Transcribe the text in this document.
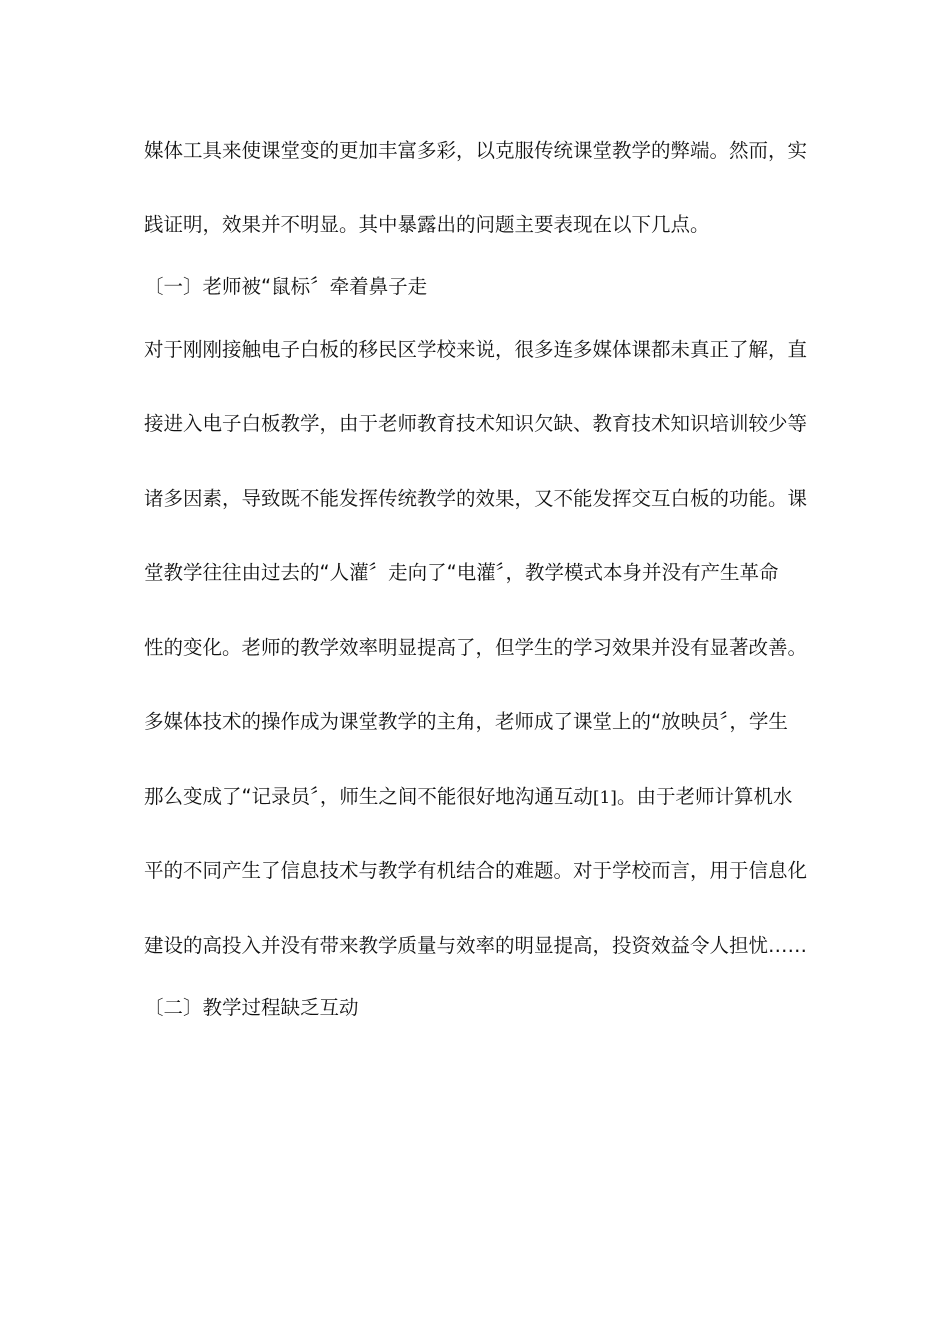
媒体工具来使课堂变的更加丰富多彩，以克服传统课堂教学的弊端。然而，实
践证明，效果并不明显。其中暴露出的问题主要表现在以下几点。
〔一〕老师被“鼠标〞牵着鼻子走
对于刚刚接触电子白板的移民区学校来说，很多连多媒体课都未真正了解，直
接进入电子白板教学，由于老师教育技术知识欠缺、教育技术知识培训较少等
诸多因素，导致既不能发挥传统教学的效果，又不能发挥交互白板的功能。课
堂教学往往由过去的“人灌〞走向了“电灌〞，教学模式本身并没有产生革命
性的变化。老师的教学效率明显提高了，但学生的学习效果并没有显著改善。
多媒体技术的操作成为课堂教学的主角，老师成了课堂上的“放映员〞，学生
那么变成了“记录员〞，师生之间不能很好地沟通互动[1]。由于老师计算机水
平的不同产生了信息技术与教学有机结合的难题。对于学校而言，用于信息化
建设的高投入并没有带来教学质量与效率的明显提高，投资效益令人担忧……
〔二〕教学过程缺乏互动
